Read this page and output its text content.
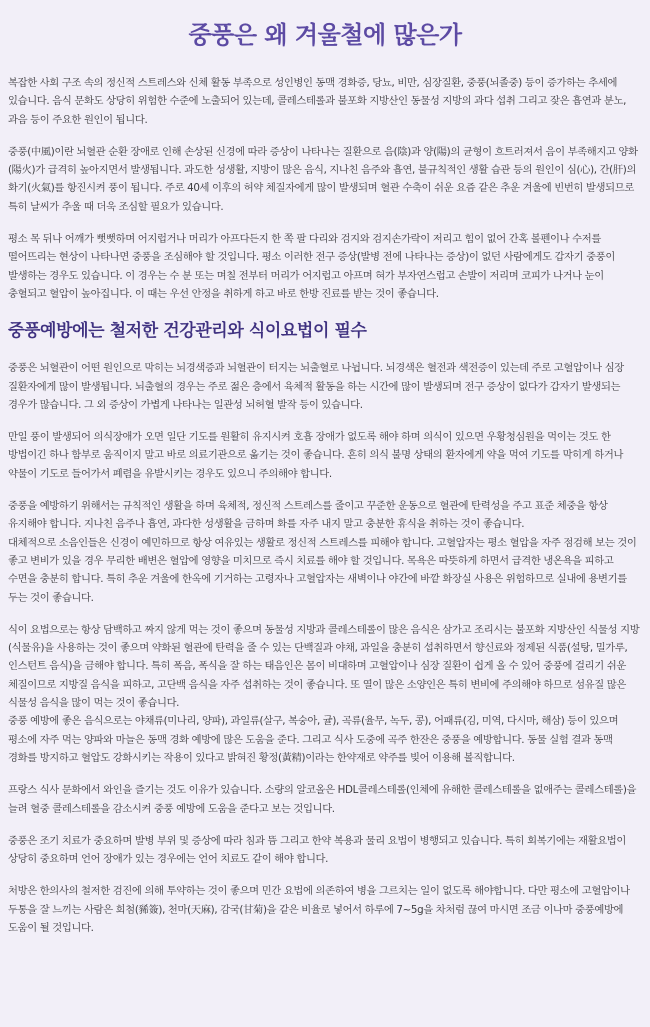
중풍은 왜 겨울철에 많은가

복잡한 사회 구조 속의 정신적 스트레스와 신체 활동 부족으로 성인병인 동맥 경화증, 당뇨, 비만, 심장질환, 중풍(뇌졸중) 등이 증가하는 추세에 있습니다. 음식 문화도 상당히 위험한 수준에 노출되어 있는데, 콜레스테롤과 불포화 지방산인 동물성 지방의 과다 섭취 그리고 잦은 흡연과 분노, 과음 등이 주요한 원인이 됩니다.

중풍(中風)이란 뇌혈관 순환 장애로 인해 손상된 신경에 따라 증상이 나타나는 질환으로 음(陰)과 양(陽)의 균형이 흐트러져서 음이 부족해지고 양화(陽火)가 급격히 높아지면서 발생됩니다. 과도한 성생활, 지방이 많은 음식, 지나친 음주와 흡연, 불규칙적인 생활 습관 등의 원인이 심(心), 간(肝)의 화기(火氣)를 항진시켜 풍이 됩니다. 주로 40세 이후의 허약 체질자에게 많이 발생되며 혈관 수축이 쉬운 요즘 같은 추운 겨울에 빈번히 발생되므로 특히 날씨가 추울 때 더욱 조심할 필요가 있습니다.

평소 목 뒤나 어깨가 뻣뻣하며 어지럽거나 머리가 아프다든지 한 쪽 팔 다리와 검지와 검지손가락이 저리고 힘이 없어 간혹 볼펜이나 수저를 떨어뜨리는 현상이 나타나면 중풍을 조심해야 할 것입니다. 평소 이러한 전구 증상(발병 전에 나타나는 증상)이 없던 사람에게도 갑자기 중풍이 발생하는 경우도 있습니다. 이 경우는 수 분 또는 며칠 전부터 머리가 어지럽고 아프며 혀가 부자연스럽고 손발이 저리며 코피가 나거나 눈이 충혈되고 혈압이 높아집니다. 이 때는 우선 안정을 취하게 하고 바로 한방 진료를 받는 것이 좋습니다.

중풍예방에는 철저한 건강관리와 식이요법이 필수

중풍은 뇌혈관이 어떤 원인으로 막히는 뇌경색증과 뇌혈관이 터지는 뇌출혈로 나뉩니다. 뇌경색은 혈전과 색전증이 있는데 주로 고혈압이나 심장 질환자에게 많이 발생됩니다. 뇌출혈의 경우는 주로 젊은 층에서 육체적 활동을 하는 시간에 많이 발생되며 전구 증상이 없다가 갑자기 발생되는 경우가 많습니다. 그 외 증상이 가볍게 나타나는 일관성 뇌허혈 발작 등이 있습니다.

만일 풍이 발생되어 의식장애가 오면 일단 기도를 원활히 유지시켜 호흡 장애가 없도록 해야 하며 의식이 있으면 우황청심원을 먹이는 것도 한 방법이긴 하나 함부로 움직이지 말고 바로 의료기관으로 옮기는 것이 좋습니다. 흔히 의식 불명 상태의 환자에게 약을 먹여 기도를 막히게 하거나 약물이 기도로 들어가서 폐렴을 유발시키는 경우도 있으니 주의해야 합니다.

중풍을 예방하기 위해서는 규칙적인 생활을 하며 육체적, 정신적 스트레스를 줄이고 꾸준한 운동으로 혈관에 탄력성을 주고 표준 체중을 항상 유지해야 합니다. 지나친 음주나 흡연, 과다한 성생활을 금하며 화를 자주 내지 말고 충분한 휴식을 취하는 것이 좋습니다.

대체적으로 소음인들은 신경이 예민하므로 항상 여유있는 생활로 정신적 스트레스를 피해야 합니다. 고혈압자는 평소 혈압을 자주 점검해 보는 것이 좋고 변비가 있을 경우 무리한 배변은 혈압에 영향을 미치므로 즉시 치료를 해야 할 것입니다. 목욕은 따뜻하게 하면서 급격한 냉온욕을 피하고 수면을 충분히 합니다. 특히 추운 겨울에 한옥에 기거하는 고령자나 고혈압자는 새벽이나 야간에 바깥 화장실 사용은 위험하므로 실내에 용변기를 두는 것이 좋습니다.

식이 요법으로는 항상 담백하고 짜지 않게 먹는 것이 좋으며 동물성 지방과 콜레스테롤이 많은 음식은 삼가고 조리시는 불포화 지방산인 식물성 지방(식물유)을 사용하는 것이 좋으며 약화된 혈관에 탄력을 줄 수 있는 단백질과 야채, 과일을 충분히 섭취하면서 향신료와 정제된 식품(설탕, 밀가루, 인스턴트 음식)을 금해야 합니다. 특히 폭음, 폭식을 잘 하는 태음인은 몸이 비대하며 고혈압이나 심장 질환이 쉽게 올 수 있어 중풍에 걸리기 쉬운 체질이므로 지방질 음식을 피하고, 고단백 음식을 자주 섭취하는 것이 좋습니다. 또 열이 많은 소양인은 특히 변비에 주의해야 하므로 섬유질 많은 식물성 음식을 많이 먹는 것이 좋습니다.

중풍 예방에 좋은 음식으로는 야채류(미나리, 양파), 과일류(살구, 복숭아, 귤), 곡류(율무, 녹두, 콩), 어패류(김, 미역, 다시마, 해삼) 등이 있으며 평소에 자주 먹는 양파와 마늘은 동맥 경화 예방에 많은 도움을 준다. 그리고 식사 도중에 곡주 한잔은 중풍을 예방합니다. 동물 실험 결과 동맥 경화를 방지하고 혈압도 강화시키는 작용이 있다고 밝혀진 황정(黃精)이라는 한약재로 약주를 빚어 이용해 볼직합니다.

프랑스 식사 문화에서 와인을 즐기는 것도 이유가 있습니다. 소량의 알코올은 HDL콜레스테롤(인체에 유해한 콜레스테롤을 없애주는 콜레스테롤)을 늘려 혈중 콜레스테롤을 감소시켜 중풍 예방에 도움을 준다고 보는 것입니다.

중풍은 조기 치료가 중요하며 발병 부위 및 증상에 따라 침과 뜸 그리고 한약 복용과 물리 요법이 병행되고 있습니다. 특히 회복기에는 재활요법이 상당히 중요하며 언어 장애가 있는 경우에는 언어 치료도 같이 해야 합니다.

처방은 한의사의 철저한 검진에 의해 투약하는 것이 좋으며 민간 요법에 의존하여 병을 그르치는 일이 없도록 해야합니다. 다만 평소에 고혈압이나 두통을 잘 느끼는 사람은 희첨(豨簽), 천마(天麻), 감국(甘菊)을 같은 비율로 넣어서 하루에 7~5g을 차처럼 끊여 마시면 조금 이나마 중풍예방에 도움이 될 것입니다.
